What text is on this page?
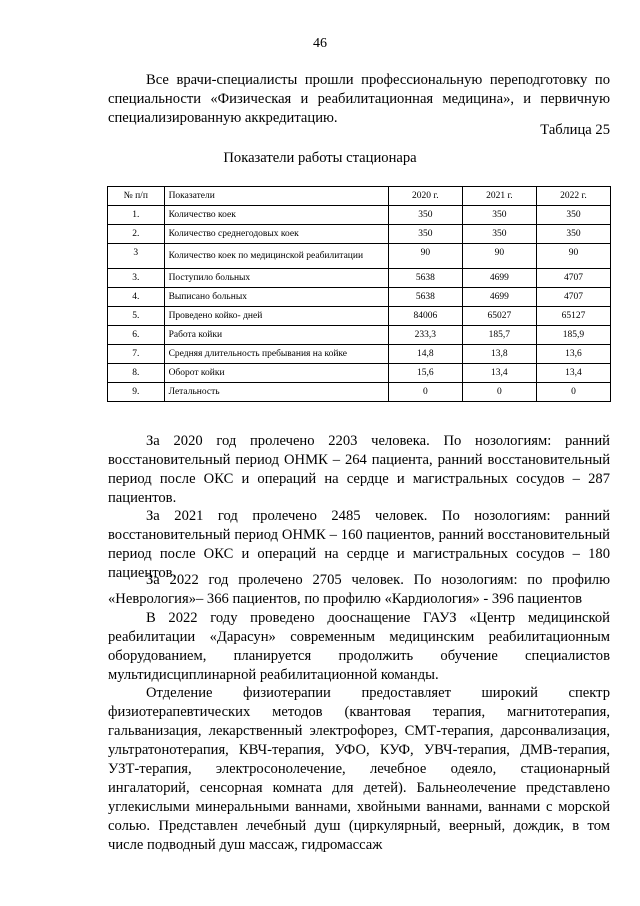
46

Все врачи-специалисты прошли профессиональную переподготовку по специальности «Физическая и реабилитационная медицина», и первичную специализированную аккредитацию.

Таблица 25
Показатели работы стационара
№ п/п	Показатели	2020 г.	2021 г.	2022 г.
1.	Количество коек	350	350	350
2.	Количество среднегодовых коек	350	350	350
3	Количество коек по медицинской реабилитации	90	90	90
3.	Поступило больных	5638	4699	4707
4.	Выписано больных	5638	4699	4707
5.	Проведено койко- дней	84006	65027	65127
6.	Работа койки	233,3	185,7	185,9
7.	Средняя длительность пребывания на койке	14,8	13,8	13,6
8.	Оборот койки	15,6	13,4	13,4
9.	Летальность	0	0	0

За 2020 год пролечено 2203 человека. По нозологиям: ранний восстановительный период ОНМК – 264 пациента, ранний восстановительный период после ОКС и операций на сердце и магистральных сосудов – 287 пациентов.

За 2021 год пролечено 2485 человек. По нозологиям: ранний восстановительный период ОНМК – 160 пациентов, ранний восстановительный период после ОКС и операций на сердце и магистральных сосудов – 180 пациентов.

За 2022 год пролечено 2705 человек. По нозологиям: по профилю «Неврология»– 366 пациентов, по профилю «Кардиология» - 396 пациентов

В 2022 году проведено дооснащение ГАУЗ «Центр медицинской реабилитации «Дарасун» современным медицинским реабилитационным оборудованием, планируется продолжить обучение специалистов мультидисциплинарной реабилитационной команды.

Отделение физиотерапии предоставляет широкий спектр физиотерапевтических методов (квантовая терапия, магнитотерапия, гальванизация, лекарственный электрофорез, СМТ-терапия, дарсонвализация, ультратонотерапия, КВЧ-терапия, УФО, КУФ, УВЧ-терапия, ДМВ-терапия, УЗТ-терапия, электросонолечение, лечебное одеяло, стационарный ингалаторий, сенсорная комната для детей). Бальнеолечение представлено углекислыми минеральными ваннами, хвойными ваннами, ваннами с морской солью. Представлен лечебный душ (циркулярный, веерный, дождик, в том числе подводный душ массаж, гидромассаж
